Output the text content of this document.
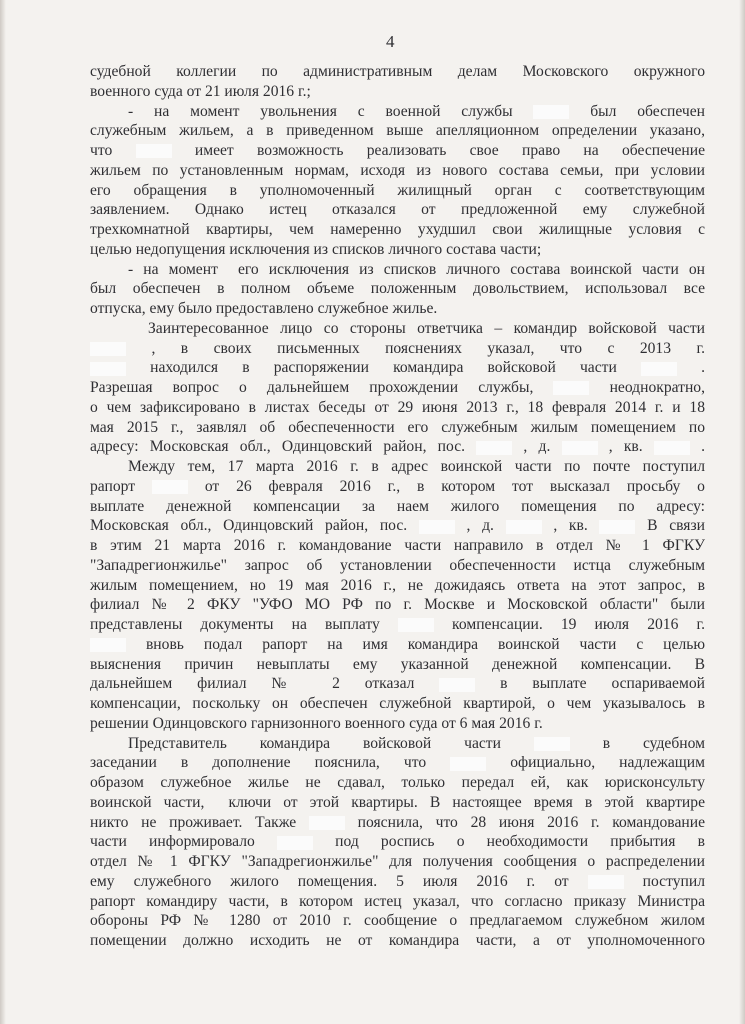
4
судебной коллегии по административным делам Московского окружного
военного суда от 21 июля 2016 г.;
- на момент увольнения с военной службы	был обеспечен
служебным жильем, а в приведенном выше апелляционном определении указано,
что	имеет возможность реализовать свое право на обеспечение
жильем по установленным нормам, исходя из нового состава семьи, при условии
его обращения в уполномоченный жилищный орган с соответствующим
заявлением. Однако истец отказался от предложенной ему служебной
трехкомнатной квартиры, чем намеренно ухудшил свои жилищные условия с
целью недопущения исключения из списков личного состава части;
- на момент  его исключения из списков личного состава воинской части он
был обеспечен в полном объеме положенным довольствием, использовал все
отпуска, ему было предоставлено служебное жилье.
Заинтересованное лицо со стороны ответчика – командир войсковой части
, в своих письменных пояснениях указал, что с 2013 г.
находился в распоряжении командира войсковой части	.
Разрешая вопрос о дальнейшем прохождении службы,	неоднократно,
о чем зафиксировано в листах беседы от 29 июня 2013 г., 18 февраля 2014 г. и 18
мая 2015 г., заявлял об обеспеченности его служебным жилым помещением по
адресу: Московская обл., Одинцовский район, пос.	, д.	, кв.	.
Между тем, 17 марта 2016 г. в адрес воинской части по почте поступил
рапорт	от 26 февраля 2016 г., в котором тот высказал просьбу о
выплате денежной компенсации за наем жилого помещения по адресу:
Московская обл., Одинцовский район, пос.	, д.	, кв.	В связи
в этим 21 марта 2016 г. командование части направило в отдел № 1 ФГКУ
"Западрегионжилье" запрос об установлении обеспеченности истца служебным
жилым помещением, но 19 мая 2016 г., не дожидаясь ответа на этот запрос, в
филиал № 2 ФКУ "УФО МО РФ по г. Москве и Московской области" были
представлены документы на выплату	компенсации. 19 июля 2016 г.
вновь подал рапорт на имя командира воинской части с целью
выяснения причин невыплаты ему указанной денежной компенсации. В
дальнейшем филиал № 2 отказал	в выплате оспариваемой
компенсации, поскольку он обеспечен служебной квартирой, о чем указывалось в
решении Одинцовского гарнизонного военного суда от 6 мая 2016 г.
Представитель командира войсковой части	в судебном
заседании в дополнение пояснила, что	официально, надлежащим
образом служебное жилье не сдавал, только передал ей, как юрисконсульту
воинской части,  ключи от этой квартиры. В настоящее время в этой квартире
никто не проживает. Также	пояснила, что 28 июня 2016 г. командование
части информировало	под роспись о необходимости прибытия в
отдел № 1 ФГКУ "Западрегионжилье" для получения сообщения о распределении
ему служебного жилого помещения. 5 июля 2016 г. от	поступил
рапорт командиру части, в котором истец указал, что согласно приказу Министра
обороны РФ № 1280 от 2010 г. сообщение о предлагаемом служебном жилом
помещении должно исходить не от командира части, а от уполномоченного
